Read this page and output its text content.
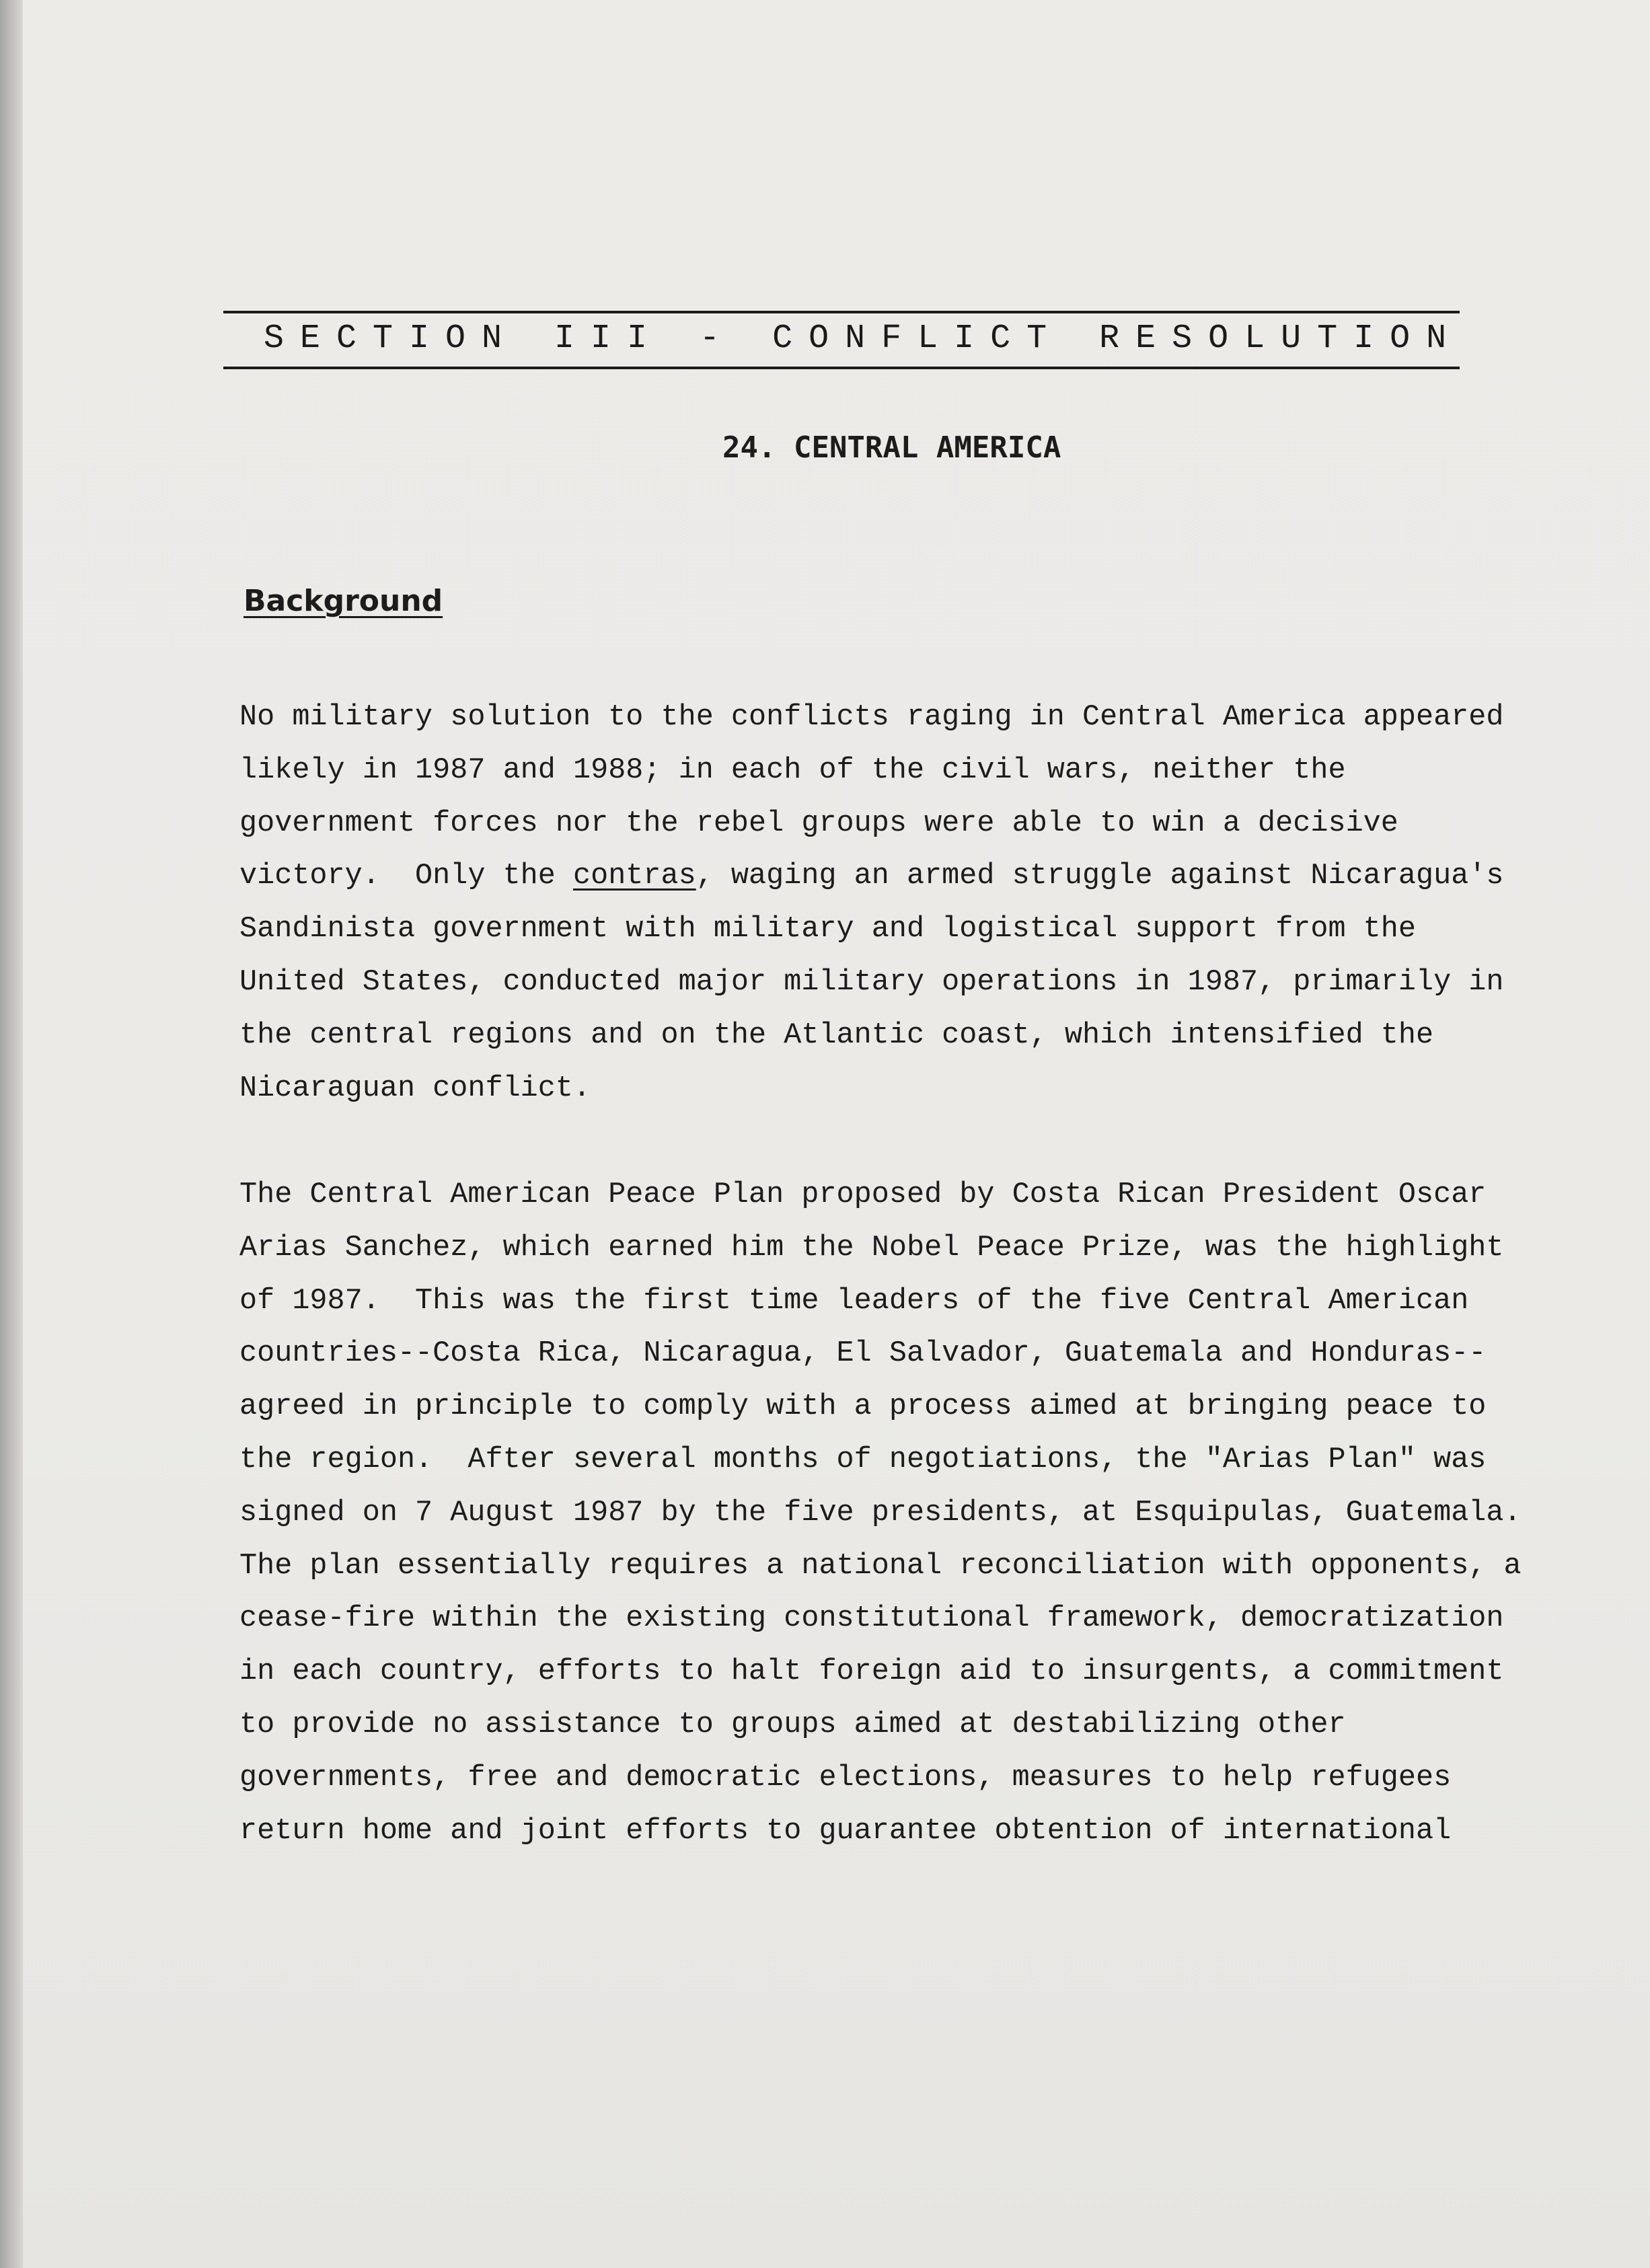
SECTION III - CONFLICT RESOLUTION
24. CENTRAL AMERICA
Background
No military solution to the conflicts raging in Central America appeared
likely in 1987 and 1988; in each of the civil wars, neither the
government forces nor the rebel groups were able to win a decisive
victory.  Only the contras, waging an armed struggle against Nicaragua's
Sandinista government with military and logistical support from the
United States, conducted major military operations in 1987, primarily in
the central regions and on the Atlantic coast, which intensified the
Nicaraguan conflict.
The Central American Peace Plan proposed by Costa Rican President Oscar
Arias Sanchez, which earned him the Nobel Peace Prize, was the highlight
of 1987.  This was the first time leaders of the five Central American
countries--Costa Rica, Nicaragua, El Salvador, Guatemala and Honduras--
agreed in principle to comply with a process aimed at bringing peace to
the region.  After several months of negotiations, the "Arias Plan" was
signed on 7 August 1987 by the five presidents, at Esquipulas, Guatemala.
The plan essentially requires a national reconciliation with opponents, a
cease-fire within the existing constitutional framework, democratization
in each country, efforts to halt foreign aid to insurgents, a commitment
to provide no assistance to groups aimed at destabilizing other
governments, free and democratic elections, measures to help refugees
return home and joint efforts to guarantee obtention of international
